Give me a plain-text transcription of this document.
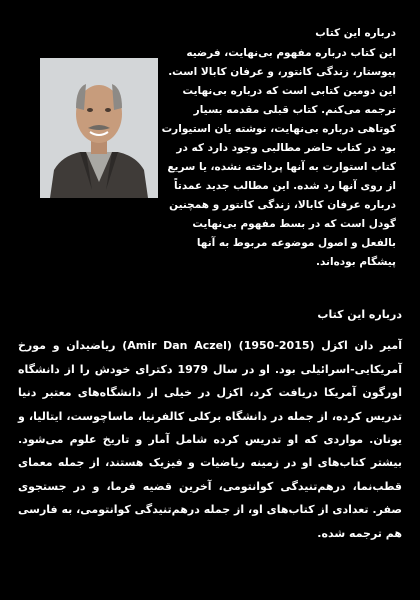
درباره این کتاب

این کتاب درباره مفهوم بی‌نهایت، فرضیه پیوستار، زندگی کانتور، و عرفان کابالا است. این دومین کتابی است که درباره بی‌نهایت ترجمه می‌کنم. کتاب قبلی مقدمه بسیار کوتاهی درباره بی‌نهایت، نوشته یان استیوارت بود در کتاب حاضر مطالبی وجود دارد که در کتاب استوارت به آنها پرداخته نشده، یا سریع از روی آنها رد شده. این مطالب جدید عمدتاً درباره عرفان کابالا، زندگی کانتور و همچنین گودل است که در بسط مفهوم بی‌نهایت بالفعل و اصول موضوعه مربوط به آنها پیشگام بوده‌اند.

درباره این کتاب

آمیر دان اکزل (2015-1950) (Amir Dan Aczel) ریاضیدان و مورخ آمریکایی-اسرائیلی بود. او در سال 1979 دکترای خودش را از دانشگاه اورگون آمریکا دریافت کرد، اکزل در خیلی از دانشگاه‌های معتبر دنیا تدریس کرده، از جمله در دانشگاه برکلی کالفرنیا، ماساچوست، ایتالیا، و یونان. مواردی که او تدریس کرده شامل آمار و تاریخ علوم می‌شود. بیشتر کتاب‌های او در زمینه ریاضیات و فیزیک هستند، از جمله معمای قطب‌نما، درهم‌تنیدگی کوانتومی، آخرین قضیه فرما، و در جستجوی صفر. تعدادی از کتاب‌های او، از جمله درهم‌تنیدگی کوانتومی، به فارسی هم ترجمه شده.
